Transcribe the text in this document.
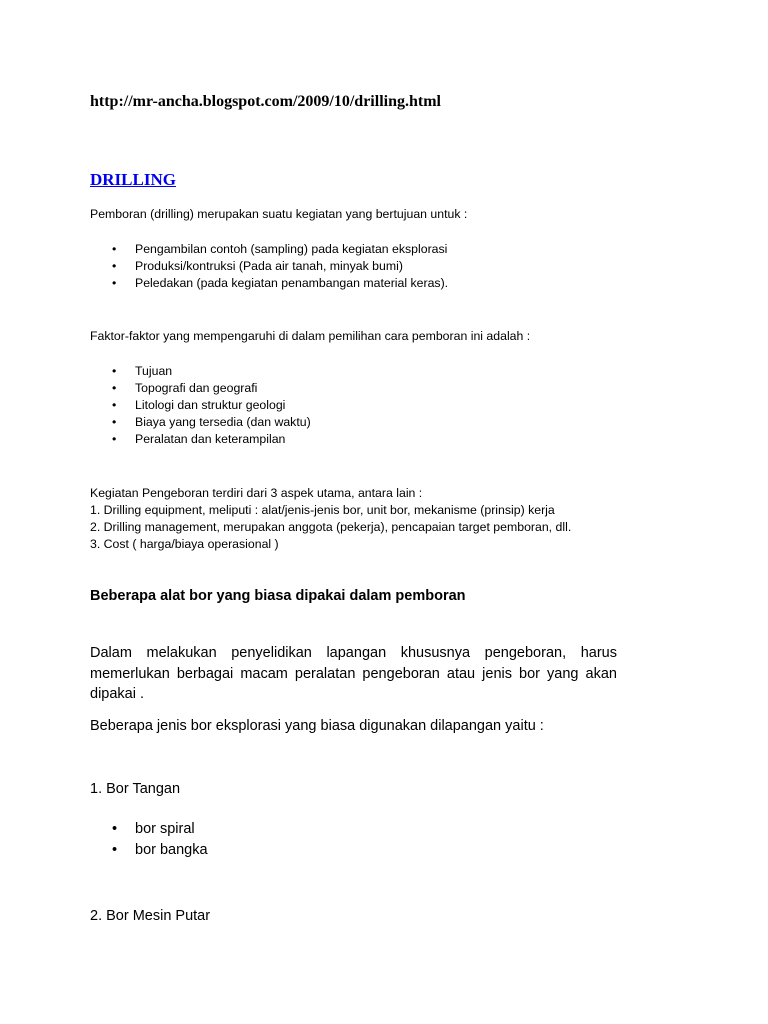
http://mr-ancha.blogspot.com/2009/10/drilling.html
DRILLING
Pemboran (drilling) merupakan suatu kegiatan yang bertujuan untuk :
• Pengambilan contoh (sampling) pada kegiatan eksplorasi
• Produksi/kontruksi (Pada air tanah, minyak bumi)
• Peledakan (pada kegiatan penambangan material keras).
Faktor-faktor yang mempengaruhi di dalam pemilihan cara pemboran ini adalah :
• Tujuan
• Topografi dan geografi
• Litologi dan struktur geologi
• Biaya yang tersedia (dan waktu)
• Peralatan dan keterampilan
Kegiatan Pengeboran terdiri dari 3 aspek utama, antara lain :
1. Drilling equipment, meliputi : alat/jenis-jenis bor, unit bor, mekanisme (prinsip) kerja
2. Drilling management, merupakan anggota (pekerja), pencapaian target pemboran, dll.
3. Cost ( harga/biaya operasional )
Beberapa alat bor yang biasa dipakai dalam pemboran
Dalam melakukan penyelidikan lapangan khususnya pengeboran, harus memerlukan berbagai macam peralatan pengeboran atau jenis bor yang akan dipakai .
Beberapa jenis bor eksplorasi yang biasa digunakan dilapangan yaitu :
1. Bor Tangan
• bor spiral
• bor bangka
2. Bor Mesin Putar
